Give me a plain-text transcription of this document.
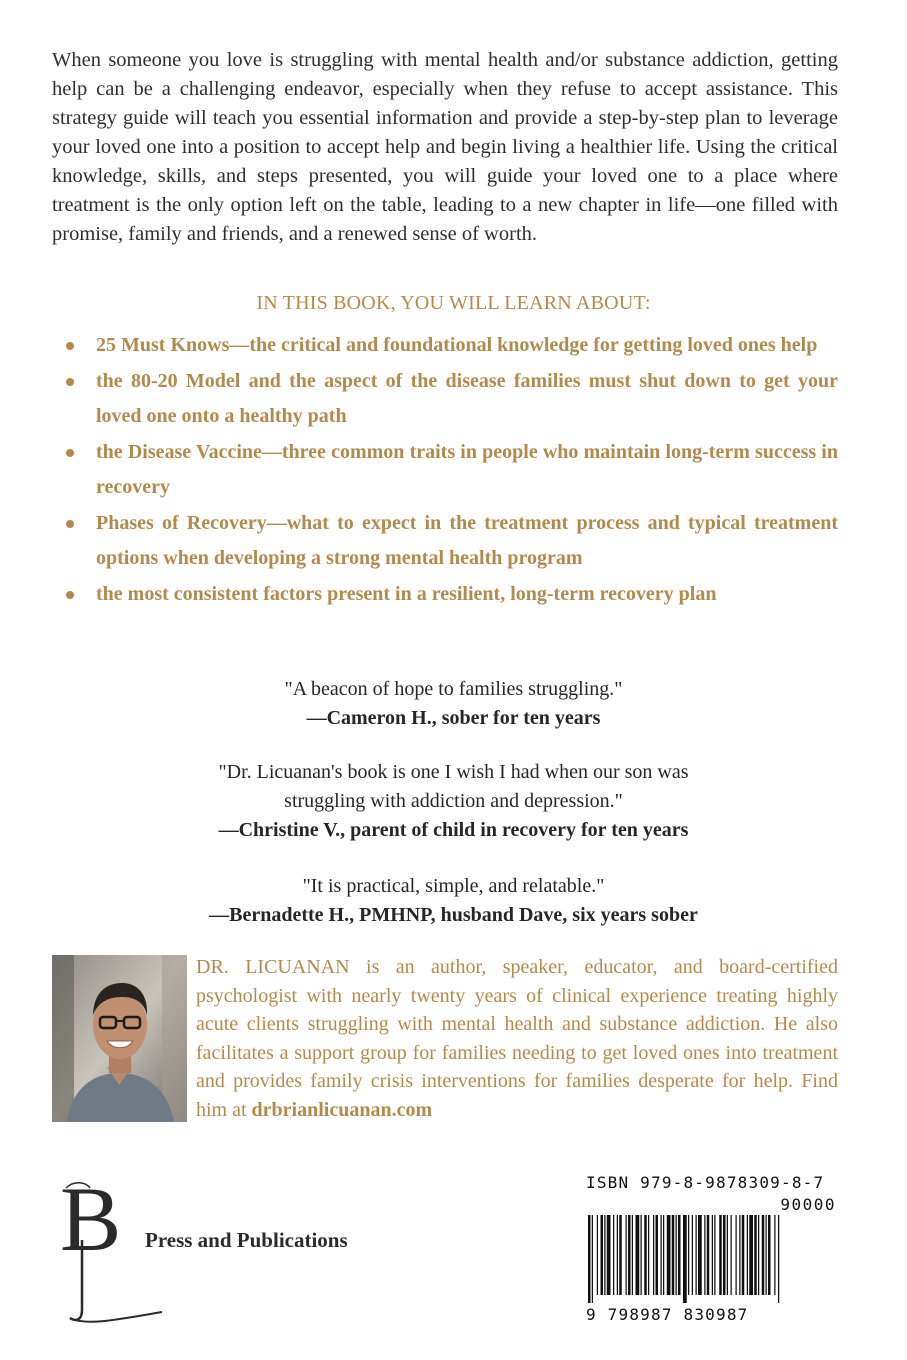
When someone you love is struggling with mental health and/or substance addiction, getting help can be a challenging endeavor, especially when they refuse to accept assistance. This strategy guide will teach you essential information and provide a step-by-step plan to leverage your loved one into a position to accept help and begin living a healthier life. Using the critical knowledge, skills, and steps presented, you will guide your loved one to a place where treatment is the only option left on the table, leading to a new chapter in life—one filled with promise, family and friends, and a renewed sense of worth.

IN THIS BOOK, YOU WILL LEARN ABOUT:
25 Must Knows—the critical and foundational knowledge for getting loved ones help
the 80-20 Model and the aspect of the disease families must shut down to get your loved one onto a healthy path
the Disease Vaccine—three common traits in people who maintain long-term success in recovery
Phases of Recovery—what to expect in the treatment process and typical treatment options when developing a strong mental health program
the most consistent factors present in a resilient, long-term recovery plan
"A beacon of hope to families struggling."
—Cameron H., sober for ten years
"Dr. Licuanan's book is one I wish I had when our son was
struggling with addiction and depression."
—Christine V., parent of child in recovery for ten years
"It is practical, simple, and relatable."
—Bernadette H., PMHNP, husband Dave, six years sober

DR. LICUANAN is an author, speaker, educator, and board-certified psychologist with nearly twenty years of clinical experience treating highly acute clients struggling with mental health and substance addiction. He also facilitates a support group for families needing to get loved ones into treatment and provides family crisis interventions for families desperate for help. Find him at drbrianlicuanan.com

B Press and Publications
ISBN 979-8-9878309-8-7
90000
9 798987 830987
